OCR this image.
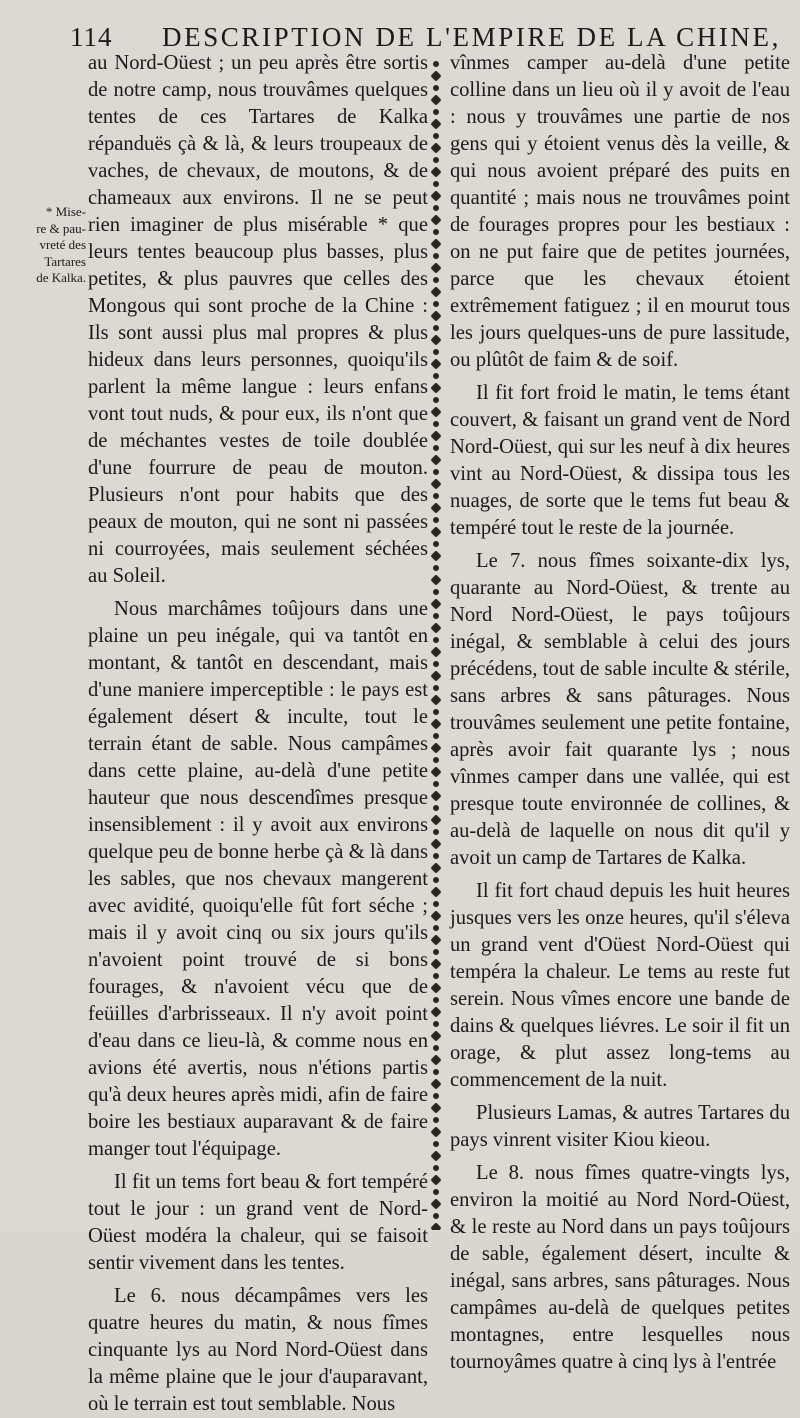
114 DESCRIPTION DE L'EMPIRE DE LA CHINE,
* Mise-
re & pau-
vreté des
Tartares
de Kalka.

au Nord-Oüest ; un peu après être sortis de notre camp, nous trouvâmes quelques tentes de ces Tartares de Kalka répanduës çà & là, & leurs troupeaux de vaches, de chevaux, de moutons, & de chameaux aux environs. Il ne se peut rien imaginer de plus misérable * que leurs tentes beaucoup plus basses, plus petites, & plus pauvres que celles des Mongous qui sont proche de la Chine : Ils sont aussi plus mal propres & plus hideux dans leurs personnes, quoiqu'ils parlent la même langue : leurs enfans vont tout nuds, & pour eux, ils n'ont que de méchantes vestes de toile doublée d'une fourrure de peau de mouton. Plusieurs n'ont pour habits que des peaux de mouton, qui ne sont ni passées ni courroyées, mais seulement séchées au Soleil.

Nous marchâmes toûjours dans une plaine un peu inégale, qui va tantôt en montant, & tantôt en descendant, mais d'une maniere imperceptible : le pays est également désert & inculte, tout le terrain étant de sable. Nous campâmes dans cette plaine, au-delà d'une petite hauteur que nous descendîmes presque insensiblement : il y avoit aux environs quelque peu de bonne herbe çà & là dans les sables, que nos chevaux mangerent avec avidité, quoiqu'elle fût fort séche ; mais il y avoit cinq ou six jours qu'ils n'avoient point trouvé de si bons fourages, & n'avoient vécu que de feüilles d'arbrisseaux. Il n'y avoit point d'eau dans ce lieu-là, & comme nous en avions été avertis, nous n'étions partis qu'à deux heures après midi, afin de faire boire les bestiaux auparavant & de faire manger tout l'équipage.

Il fit un tems fort beau & fort tempéré tout le jour : un grand vent de Nord-Oüest modéra la chaleur, qui se faisoit sentir vivement dans les tentes.

Le 6. nous décampâmes vers les quatre heures du matin, & nous fîmes cinquante lys au Nord Nord-Oüest dans la même plaine que le jour d'auparavant, où le terrain est tout semblable. Nous

vînmes camper au-delà d'une petite colline dans un lieu où il y avoit de l'eau : nous y trouvâmes une partie de nos gens qui y étoient venus dès la veille, & qui nous avoient préparé des puits en quantité ; mais nous ne trouvâmes point de fourages propres pour les bestiaux : on ne put faire que de petites journées, parce que les chevaux étoient extrêmement fatiguez ; il en mourut tous les jours quelques-uns de pure lassitude, ou plûtôt de faim & de soif.

Il fit fort froid le matin, le tems étant couvert, & faisant un grand vent de Nord Nord-Oüest, qui sur les neuf à dix heures vint au Nord-Oüest, & dissipa tous les nuages, de sorte que le tems fut beau & tempéré tout le reste de la journée.

Le 7. nous fîmes soixante-dix lys, quarante au Nord-Oüest, & trente au Nord Nord-Oüest, le pays toûjours inégal, & semblable à celui des jours précédens, tout de sable inculte & stérile, sans arbres & sans pâturages. Nous trouvâmes seulement une petite fontaine, après avoir fait quarante lys ; nous vînmes camper dans une vallée, qui est presque toute environnée de collines, & au-delà de laquelle on nous dit qu'il y avoit un camp de Tartares de Kalka.

Il fit fort chaud depuis les huit heures jusques vers les onze heures, qu'il s'éleva un grand vent d'Oüest Nord-Oüest qui tempéra la chaleur. Le tems au reste fut serein. Nous vîmes encore une bande de dains & quelques liévres. Le soir il fit un orage, & plut assez long-tems au commencement de la nuit.

Plusieurs Lamas, & autres Tartares du pays vinrent visiter Kiou kieou.

Le 8. nous fîmes quatre-vingts lys, environ la moitié au Nord Nord-Oüest, & le reste au Nord dans un pays toûjours de sable, également désert, inculte & inégal, sans arbres, sans pâturages. Nous campâmes au-delà de quelques petites montagnes, entre lesquelles nous tournoyâmes quatre à cinq lys à l'entrée
